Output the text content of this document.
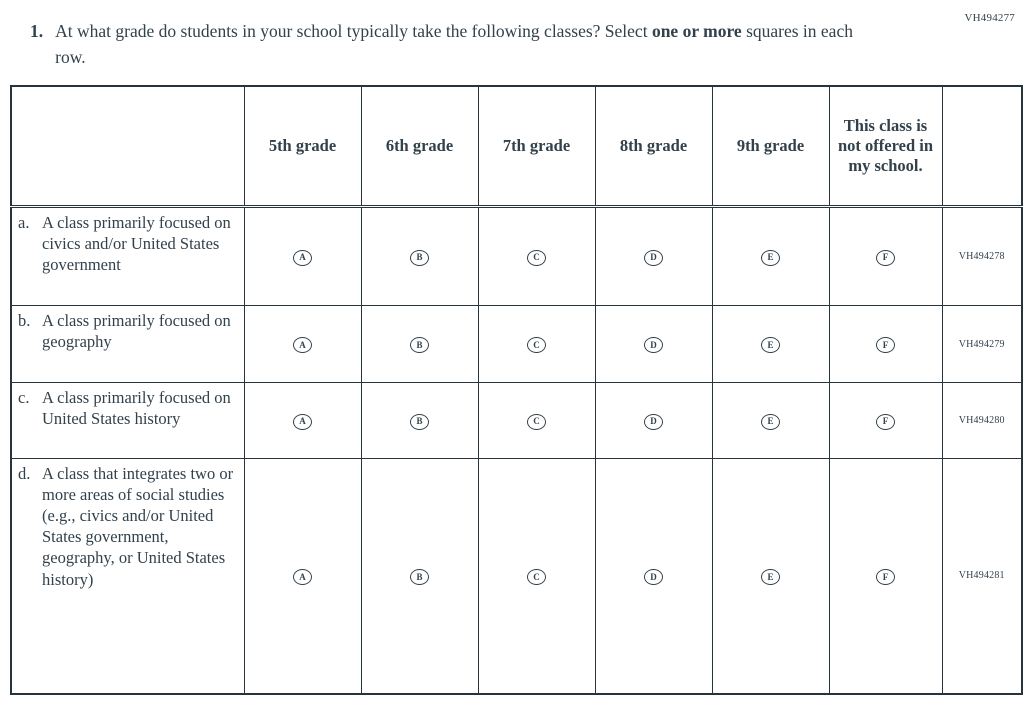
VH494277
1. At what grade do students in your school typically take the following classes? Select one or more squares in each row.
	5th grade	6th grade	7th grade	8th grade	9th grade	This class is not offered in my school.	

a. A class primarily focused on civics and/or United States government	A	B	C	D	E	F	VH494278

b. A class primarily focused on geography	A	B	C	D	E	F	VH494279

c. A class primarily focused on United States history	A	B	C	D	E	F	VH494280

d. A class that integrates two or more areas of social studies (e.g., civics and/or United States government, geography, or United States history)	A	B	C	D	E	F	VH494281
